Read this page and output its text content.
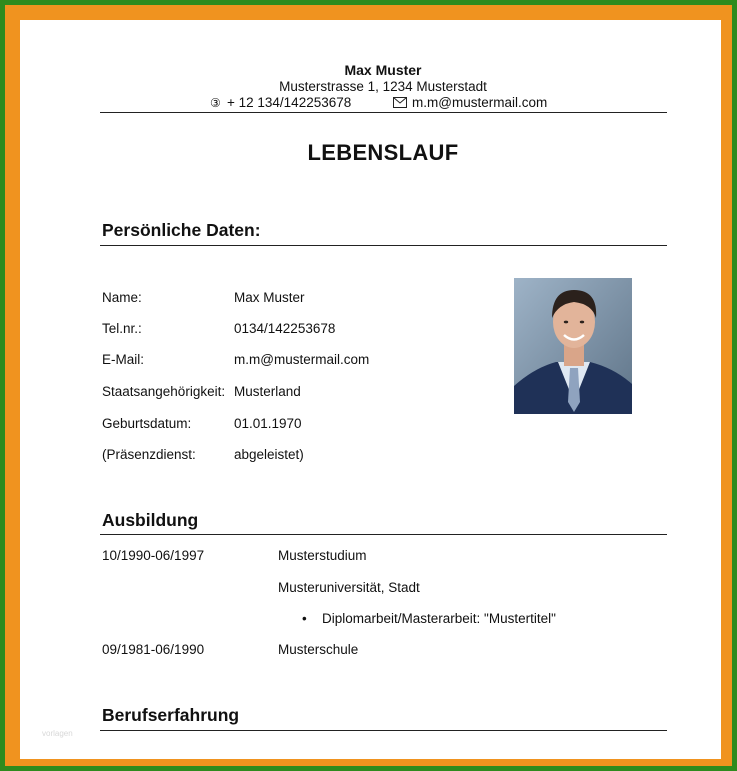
Max Muster
Musterstrasse 1, 1234 Musterstadt
③ + 12 134/142253678	m.m@mustermail.com
LEBENSLAUF
Persönliche Daten:
Name:	Max Muster
Tel.nr.:	0134/142253678
E-Mail:	m.m@mustermail.com
Staatsangehörigkeit: Musterland
Geburtsdatum:	01.01.1970
(Präsenzdienst:	abgeleistet)
Ausbildung
10/1990-06/1997	Musterstudium
Musteruniversität, Stadt
• Diplomarbeit/Masterarbeit: "Mustertitel"
09/1981-06/1990	Musterschule
Berufserfahrung
vorlagen
